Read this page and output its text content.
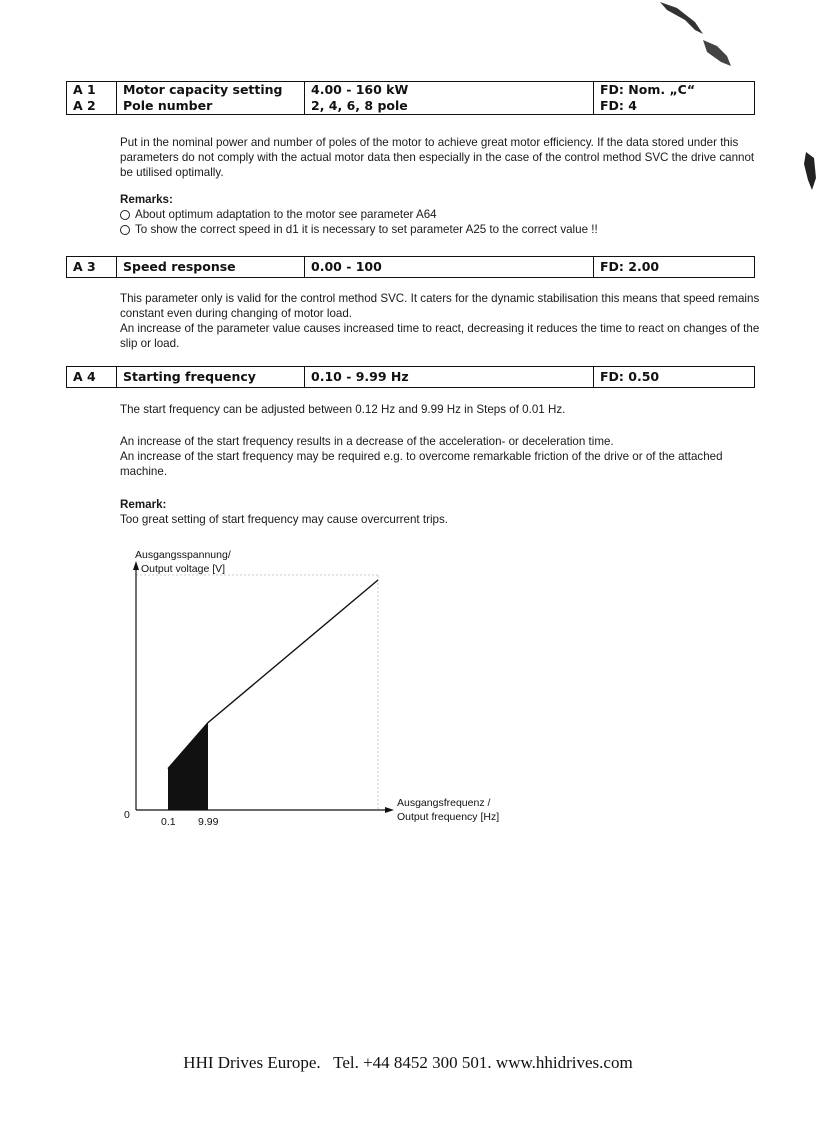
A 1	Motor capacity setting	4.00 - 160 kW	FD: Nom. „C“
A 2	Pole number	2, 4, 6, 8 pole	FD: 4

Put in the nominal power and number of poles of the motor to achieve great motor efficiency. If the data stored under this parameters do not comply with the actual motor data then especially in the case of the control method SVC the drive cannot be utilised optimally.

Remarks:
About optimum adaptation to the motor see parameter A64
To show the correct speed in d1 it is necessary to set parameter A25 to the correct value !!
A 3	Speed response	0.00 - 100	FD: 2.00

This parameter only is valid for the control method SVC. It caters for the dynamic stabilisation this means that speed remains constant even during changing of motor load.

An increase of the parameter value causes increased time to react, decreasing it reduces the time to react on changes of the slip or load.

A 4	Starting frequency	0.10 - 9.99 Hz	FD: 0.50

The start frequency can be adjusted between 0.12 Hz and 9.99 Hz in Steps of 0.01 Hz.

An increase of the start frequency results in a decrease of the acceleration- or deceleration time.

An increase of the start frequency may be required e.g. to overcome remarkable friction of the drive or of the attached machine.

Remark:

Too great setting of start frequency may cause overcurrent trips.

Ausgangsspannung/
Output voltage [V]
Ausgangsfrequenz /
Output frequency [Hz]
0
0.1 9.99
HHI Drives Europe.   Tel. +44 8452 300 501. www.hhidrives.com
